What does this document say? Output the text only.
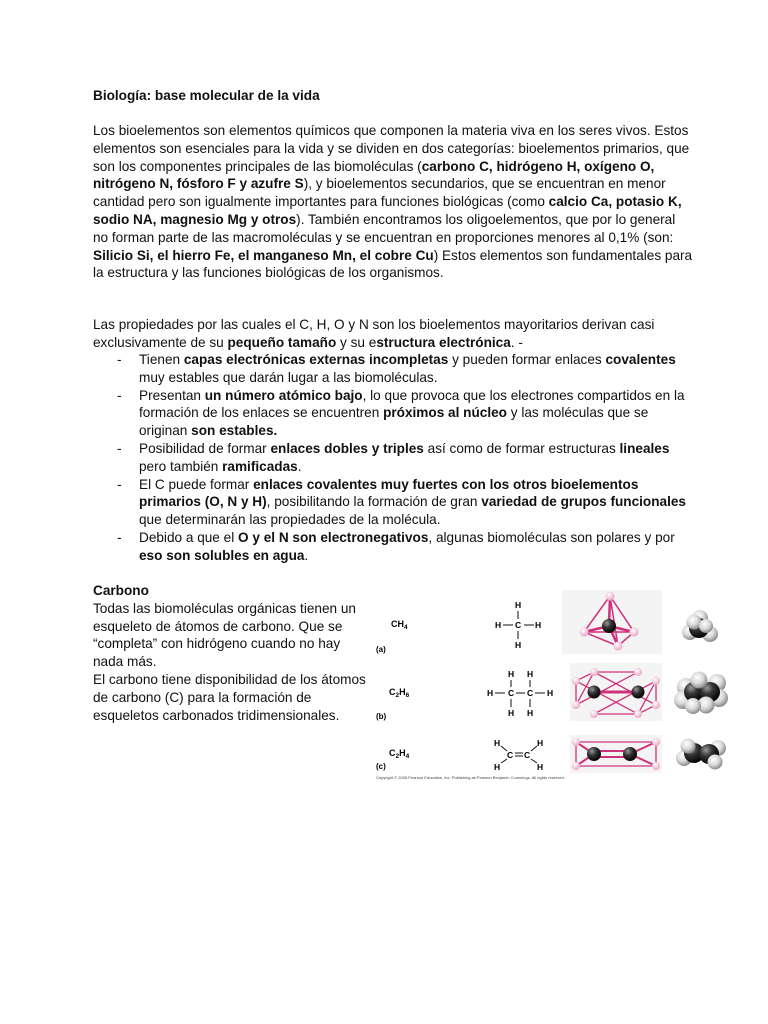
Biología: base molecular de la vida
Los bioelementos son elementos químicos que componen la materia viva en los seres vivos. Estos elementos son esenciales para la vida y se dividen en dos categorías: bioelementos primarios, que son los componentes principales de las biomoléculas (carbono C, hidrógeno H, oxígeno O, nitrógeno N, fósforo F y azufre S), y bioelementos secundarios, que se encuentran en menor cantidad pero son igualmente importantes para funciones biológicas (como calcio Ca, potasio K, sodio NA, magnesio Mg y otros). También encontramos los oligoelementos, que por lo general no forman parte de las macromoléculas y se encuentran en proporciones menores al 0,1% (son: Silicio Si, el hierro Fe, el manganeso Mn, el cobre Cu) Estos elementos son fundamentales para la estructura y las funciones biológicas de los organismos.
Las propiedades por las cuales el C, H, O y N son los bioelementos mayoritarios derivan casi exclusivamente de su pequeño tamaño y su estructura electrónica. -
- Tienen capas electrónicas externas incompletas y pueden formar enlaces covalentes muy estables que darán lugar a las biomoléculas.
- Presentan un número atómico bajo, lo que provoca que los electrones compartidos en la formación de los enlaces se encuentren próximos al núcleo y las moléculas que se originan son estables.
- Posibilidad de formar enlaces dobles y triples así como de formar estructuras lineales pero también ramificadas.
- El C puede formar enlaces covalentes muy fuertes con los otros bioelementos primarios (O, N y H), posibilitando la formación de gran variedad de grupos funcionales que determinarán las propiedades de la molécula.
- Debido a que el O y el N son electronegativos, algunas biomoléculas son polares y por eso son solubles en agua.
Carbono
Todas las biomoléculas orgánicas tienen un esqueleto de átomos de carbono. Que se “completa” con hidrógeno cuando no hay nada más.
El carbono tiene disponibilidad de los átomos de carbono (C) para la formación de esqueletos carbonados tridimensionales.
$CH_4$
(a)
H
C
H	H
H
$C_2H_6$
(b)
H H
H C C H
H H
$C_2H_4$
(c)
H	H
C C
H	H
Copyright © 2005 Pearson Education, Inc. Publishing as Pearson Benjamin Cummings. All rights reserved.
